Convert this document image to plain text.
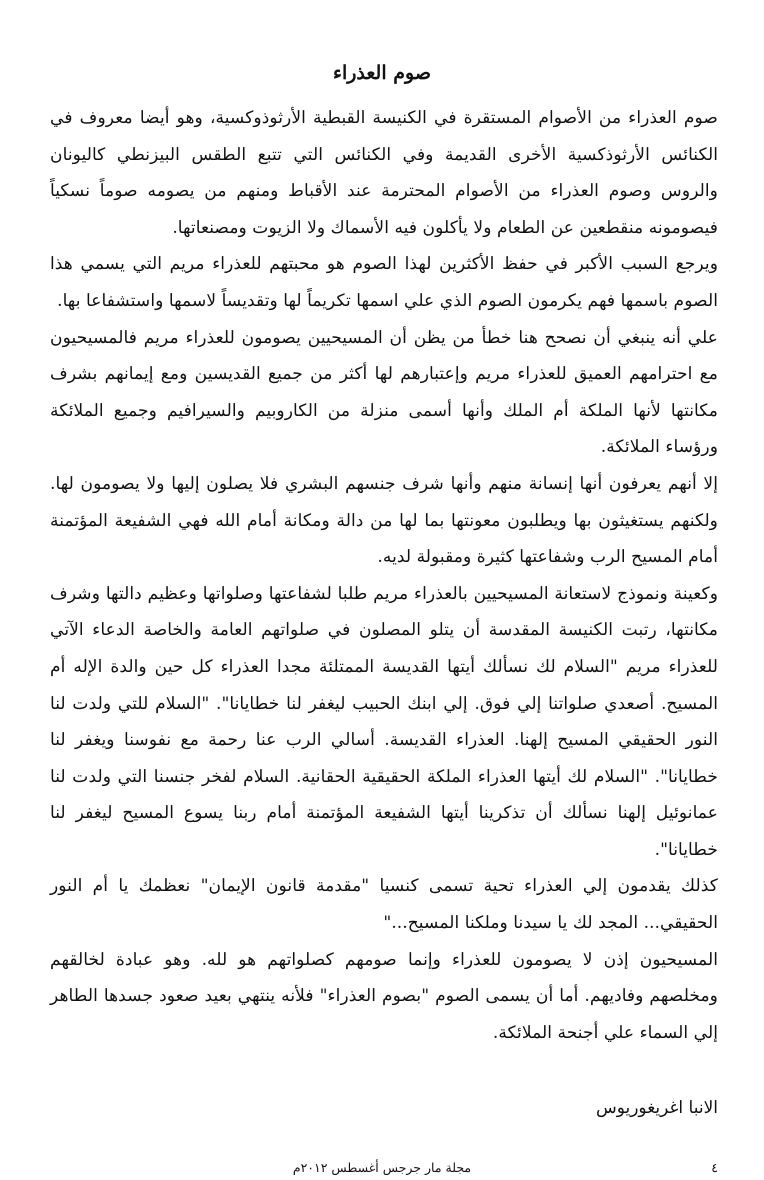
صوم العذراء

صوم العذراء من الأصوام المستقرة في الكنيسة القبطية الأرثوذوكسية، وهو أيضا معروف في الكنائس الأرثوذكسية الأخرى القديمة وفي الكنائس التي تتبع الطقس البيزنطي كاليونان والروس وصوم العذراء من الأصوام المحترمة عند الأقباط ومنهم من يصومه صوماً نسكياً فيصومونه منقطعين عن الطعام ولا يأكلون فيه الأسماك ولا الزيوت ومصنعاتها.

ويرجع السبب الأكبر في حفظ الأكثرين لهذا الصوم هو محبتهم للعذراء مريم التي يسمي هذا الصوم باسمها فهم يكرمون الصوم الذي علي اسمها تكريماً لها وتقديساً لاسمها واستشفاعا بها.

علي أنه ينبغي أن نصحح هنا خطأ من يظن أن المسيحيين يصومون للعذراء مريم فالمسيحيون مع احترامهم العميق للعذراء مريم وإعتبارهم لها أكثر من جميع القديسين ومع إيمانهم بشرف مكانتها لأنها الملكة أم الملك وأنها أسمى منزلة من الكاروبيم والسيرافيم وجميع الملائكة ورؤساء الملائكة.

إلا أنهم يعرفون أنها إنسانة منهم وأنها شرف جنسهم البشري فلا يصلون إليها ولا يصومون لها. ولكنهم يستغيثون بها ويطلبون معونتها بما لها من دالة ومكانة أمام الله فهي الشفيعة المؤتمنة أمام المسيح الرب وشفاعتها كثيرة ومقبولة لديه.

وكعينة ونموذج لاستعانة المسيحيين بالعذراء مريم طلبا لشفاعتها وصلواتها وعظيم دالتها وشرف مكانتها، رتبت الكنيسة المقدسة أن يتلو المصلون في صلواتهم العامة والخاصة الدعاء الآتي للعذراء مريم "السلام لك نسألك أيتها القديسة الممتلئة مجدا العذراء كل حين والدة الإله أم المسيح. أصعدي صلواتنا إلي فوق. إلي ابنك الحبيب ليغفر لنا خطايانا". "السلام للتي ولدت لنا النور الحقيقي المسيح إلهنا. العذراء القديسة. أسالي الرب عنا رحمة مع نفوسنا ويغفر لنا خطايانا". "السلام لك أيتها العذراء الملكة الحقيقية الحقانية. السلام لفخر جنسنا التي ولدت لنا عمانوئيل إلهنا نسألك أن تذكرينا أيتها الشفيعة المؤتمنة أمام ربنا يسوع المسيح ليغفر لنا خطايانا".

كذلك يقدمون إلي العذراء تحية تسمى كنسيا "مقدمة قانون الإيمان" نعظمك يا أم النور الحقيقي... المجد لك يا سيدنا وملكنا المسيح..."

المسيحيون إذن لا يصومون للعذراء وإنما صومهم كصلواتهم هو لله. وهو عبادة لخالقهم ومخلصهم وفاديهم. أما أن يسمى الصوم "بصوم العذراء" فلأنه ينتهي بعيد صعود جسدها الطاهر إلي السماء علي أجنحة الملائكة.

الانبا اغريغوريوس

مجلة مار جرجس أغسطس ٢٠١٢م	٤
